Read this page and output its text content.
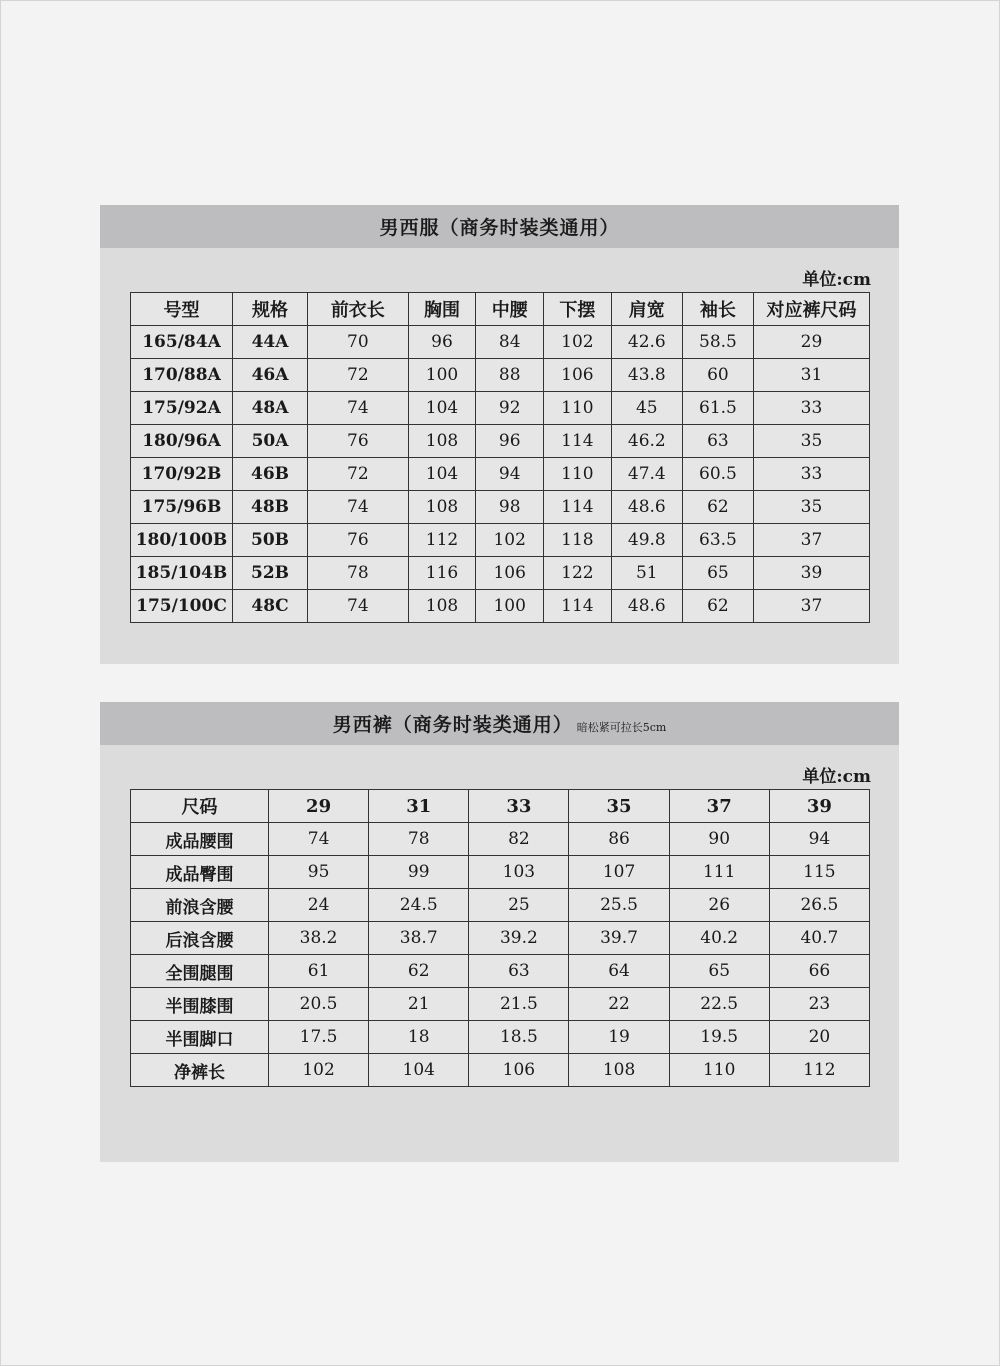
男西服（商务时装类通用）
单位:cm
号型	规格	前衣长	胸围	中腰	下摆	肩宽	袖长	对应裤尺码
165/84A	44A	70	96	84	102	42.6	58.5	29
170/88A	46A	72	100	88	106	43.8	60	31
175/92A	48A	74	104	92	110	45	61.5	33
180/96A	50A	76	108	96	114	46.2	63	35
170/92B	46B	72	104	94	110	47.4	60.5	33
175/96B	48B	74	108	98	114	48.6	62	35
180/100B	50B	76	112	102	118	49.8	63.5	37
185/104B	52B	78	116	106	122	51	65	39
175/100C	48C	74	108	100	114	48.6	62	37
男西裤（商务时装类通用） 暗松紧可拉长5cm
单位:cm
尺码	29	31	33	35	37	39
成品腰围	74	78	82	86	90	94
成品臀围	95	99	103	107	111	115
前浪含腰	24	24.5	25	25.5	26	26.5
后浪含腰	38.2	38.7	39.2	39.7	40.2	40.7
全围腿围	61	62	63	64	65	66
半围膝围	20.5	21	21.5	22	22.5	23
半围脚口	17.5	18	18.5	19	19.5	20
净裤长	102	104	106	108	110	112
